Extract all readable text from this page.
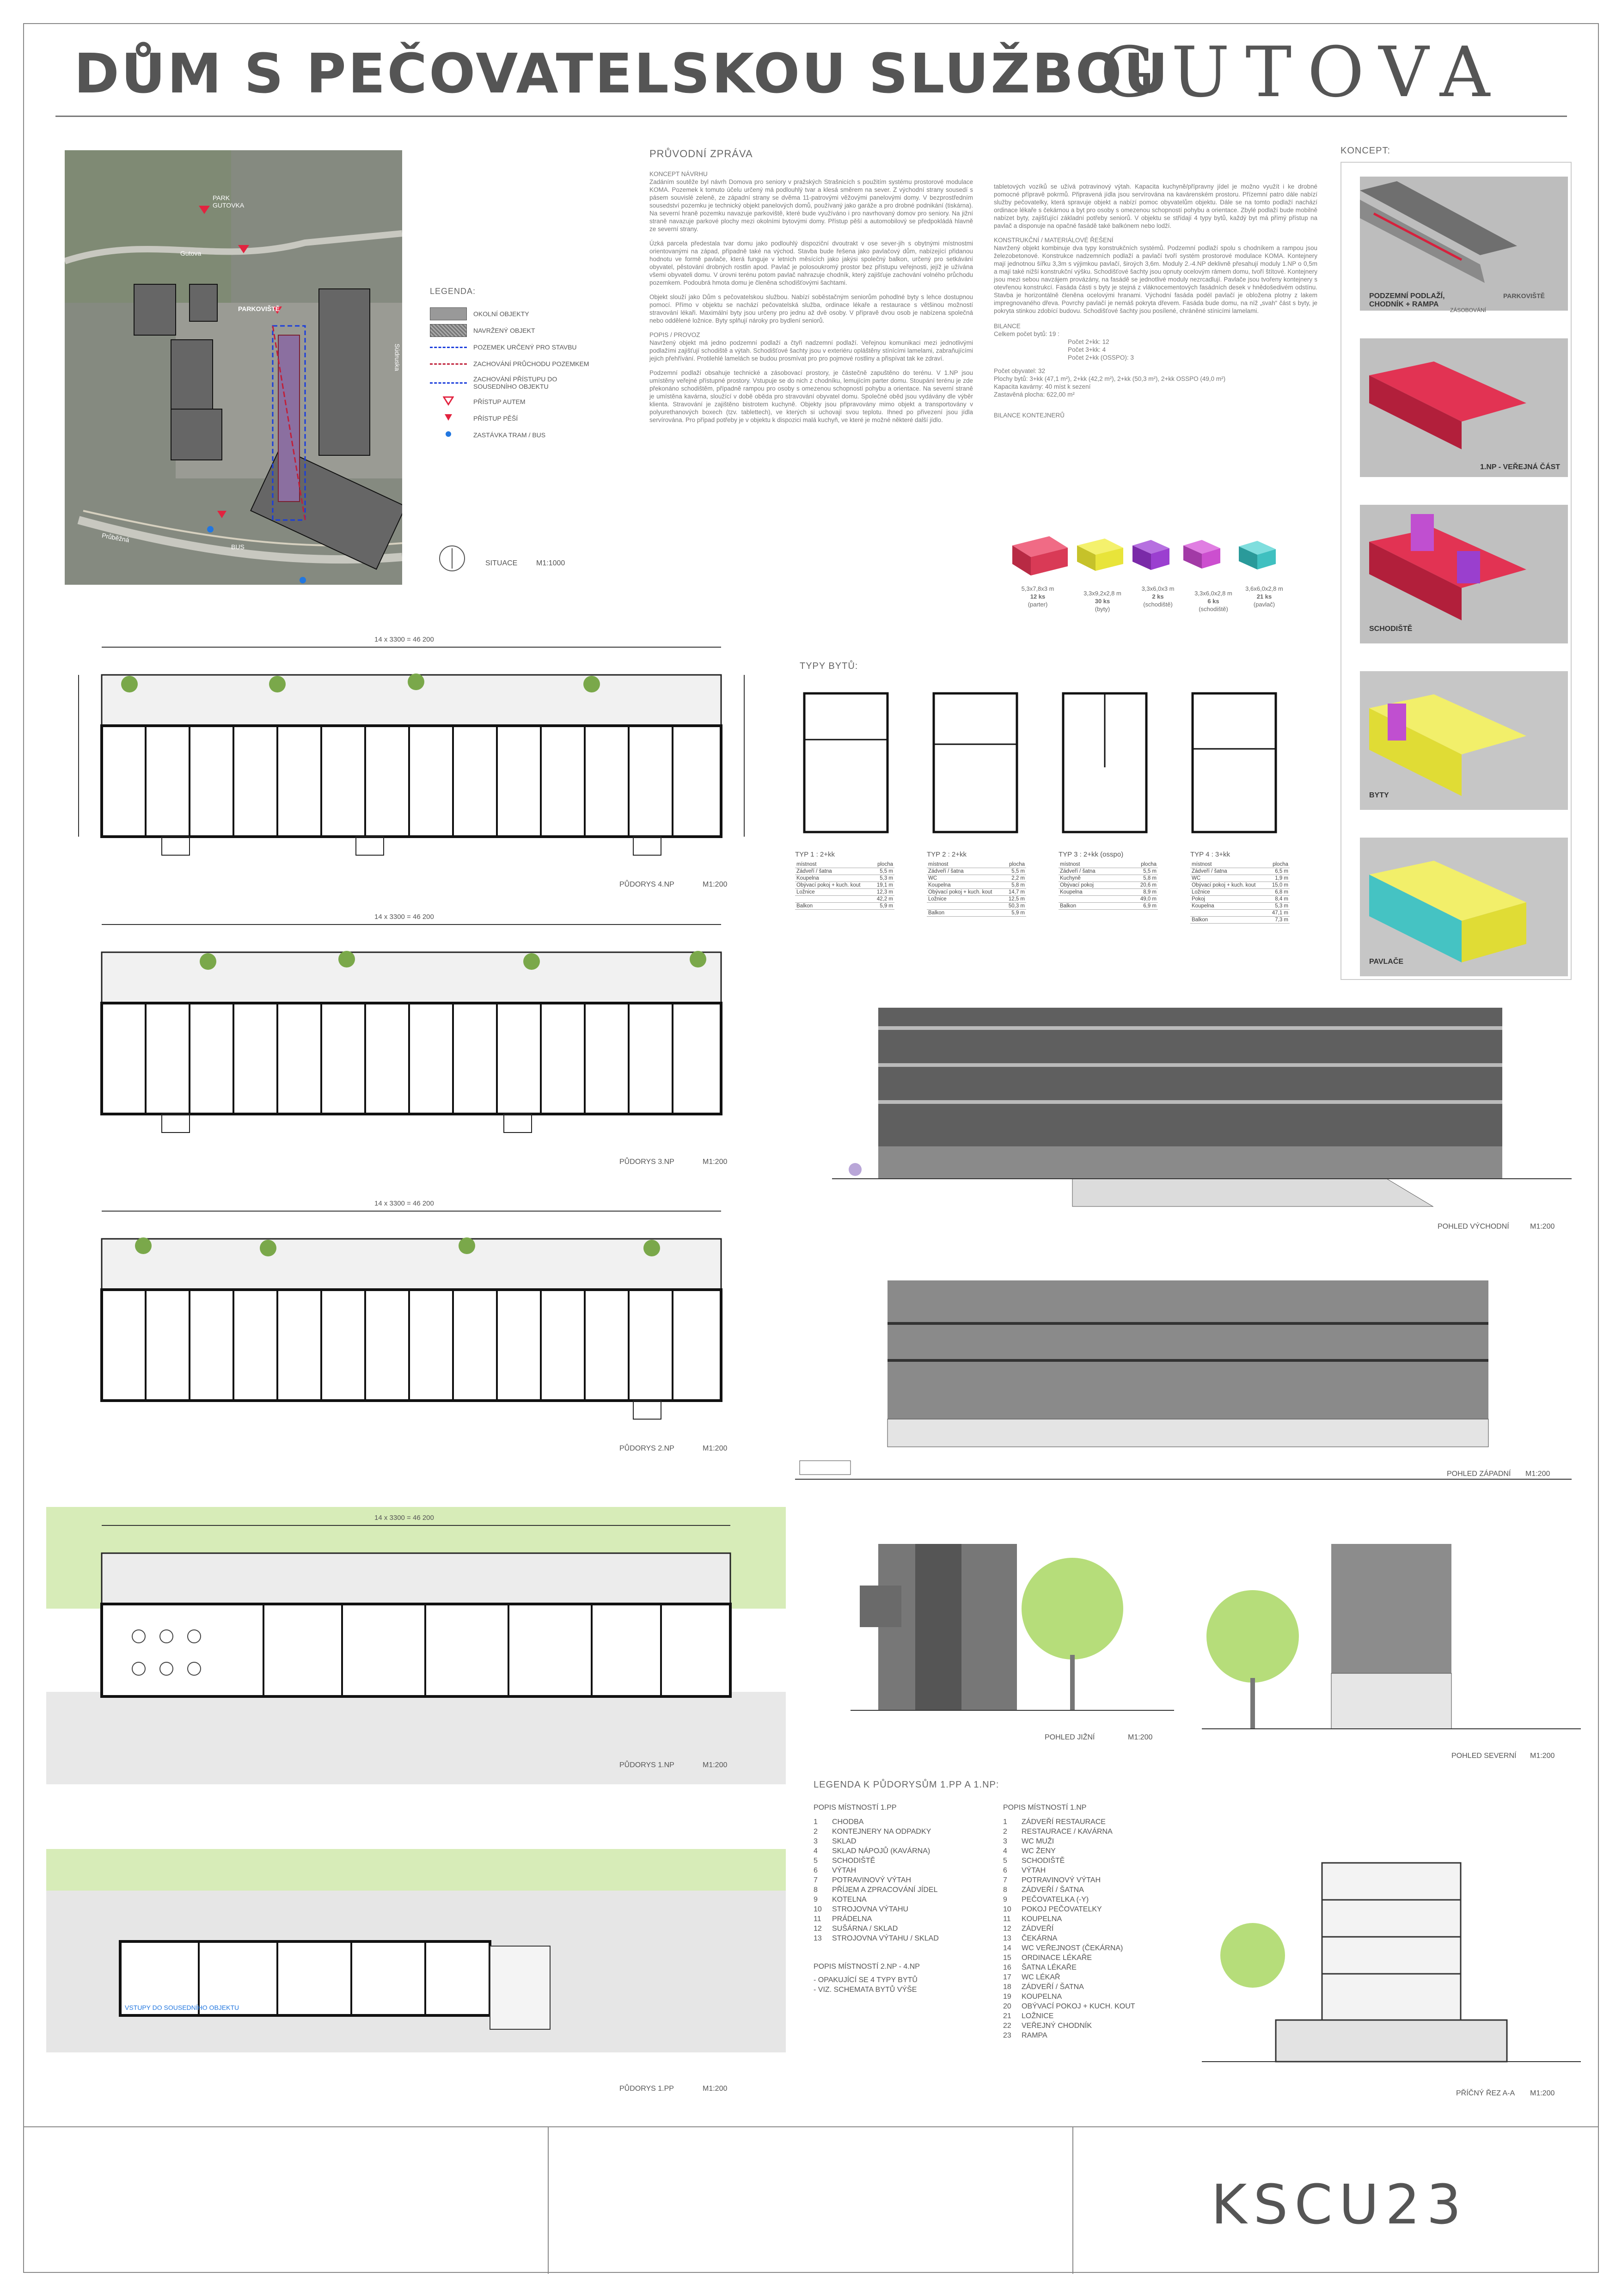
DŮM S PEČOVATELSKOU SLUŽBOU
GUTOVA
PARK GUTOVKA
Gutova
PARKOVIŠTĚ
Súdruska
Průběžná
BUS
LEGENDA:
OKOLNÍ OBJEKTY
NAVRŽENÝ OBJEKT
POZEMEK URČENÝ PRO STAVBU
ZACHOVÁNÍ PRŮCHODU POZEMKEM
ZACHOVÁNÍ PŘÍSTUPU DO SOUSEDNÍHO OBJEKTU
PŘÍSTUP AUTEM
PŘÍSTUP PĚŠÍ
ZASTÁVKA TRAM / BUS
SITUACE	M1:1000
PRŮVODNÍ ZPRÁVA
KONCEPT NÁVRHU
Zadáním soutěže byl návrh Domova pro seniory v pražských Strašnicích s použitím systému prostorové modulace KOMA. Pozemek k tomuto účelu určený má podlouhlý tvar a klesá směrem na sever. Z východní strany sousedí s pásem souvislé zeleně, ze západní strany se dvěma 11-patrovými věžovými panelovými domy. V bezprostředním sousedství pozemku je technický objekt panelových domů, používaný jako garáže a pro drobné podnikání (tiskárna). Na severní hraně pozemku navazuje parkoviště, které bude využíváno i pro navrhovaný domov pro seniory. Na jižní straně navazuje parkové plochy mezi okolními bytovými domy. Přístup pěší a automobilový se předpokládá hlavně ze severní strany.
Úzká parcela předestala tvar domu jako podlouhlý dispoziční dvoutrakt v ose sever-jih s obytnými místnostmi orientovanými na západ, případně také na východ. Stavba bude řešena jako pavlačový dům, nabízející přidanou hodnotu ve formě pavlače, která funguje v letních měsících jako jakýsi společný balkon, určený pro setkávání obyvatel, pěstování drobných rostlin apod. Pavlač je polosoukromý prostor bez přístupu veřejnosti, jejíž je užívána všemi obyvateli domu. V úrovni terénu potom pavlač nahrazuje chodník, který zajišťuje zachování volného průchodu pozemkem. Podoubrá hmota domu je členěna schodišťovými šachtami.
Objekt slouží jako Dům s pečovatelskou službou. Nabízí soběstačným seniorům pohodlné byty s lehce dostupnou pomocí. Přímo v objektu se nachází pečovatelská služba, ordinace lékaře a restaurace s většinou možností stravování lékaři. Maximální byty jsou určeny pro jednu až dvě osoby. V přípravě dvou osob je nabízena společná nebo oddělené ložnice. Byty splňují nároky pro bydlení seniorů.
POPIS / PROVOZ
Navržený objekt má jedno podzemní podlaží a čtyři nadzemní podlaží. Veřejnou komunikaci mezi jednotlivými podlažími zajišťují schodiště a výtah. Schodišťové šachty jsou v exteriéru opláštěny stínícími lamelami, zabraňujícími jejich přehřívání. Protilehlé lamelách se budou prosmívat pro pro pojmové rostliny a přispívat tak ke zdraví.
Podzemní podlaží obsahuje technické a zásobovací prostory, je částečně zapuštěno do terénu. V 1.NP jsou umístěny veřejné přístupné prostory. Vstupuje se do nich z chodníku, lemujícím parter domu. Stoupání terénu je zde překonáno schodištěm, případně rampou pro osoby s omezenou schopností pohybu a orientace. Na severní straně je umístěna kavárna, sloužící v době oběda pro stravování obyvatel domu. Společné oběd jsou vydávány dle výběr klienta. Stravování je zajištěno bistrotem kuchyně. Objekty jsou připravovány mimo objekt a transportovány v polyurethanových boxech (tzv. tablettech), ve kterých si uchovají svou teplotu. Ihned po přivezení jsou jídla servírována. Pro případ potřeby je v objektu k dispozici malá kuchyň, ve které je možné některé další jídlo.
tabletových vozíků se užívá potravinový výtah. Kapacita kuchyně/přípravny jídel je možno využít i ke drobné pomocné přípravě pokrmů. Připravená jídla jsou servírována na kavárenském prostoru. Přízemní patro dále nabízí služby pečovatelky, která spravuje objekt a nabízí pomoc obyvatelům objektu. Dále se na tomto podlaží nachází ordinace lékaře s čekárnou a byt pro osoby s omezenou schopností pohybu a orientace. Zbylé podlaží bude mobilně nabízet byty, zajišťující základní potřeby seniorů. V objektu se střídají 4 typy bytů, každý byt má přímý přístup na pavlač a disponuje na opačné fasádě také balkónem nebo lodží.
KONSTRUKČNÍ / MATERIÁLOVÉ ŘEŠENÍ
Navržený objekt kombinuje dva typy konstrukčních systémů. Podzemní podlaží spolu s chodníkem a rampou jsou železobetonové. Konstrukce nadzemních podlaží a pavlačí tvoří systém prostorové modulace KOMA. Kontejnery mají jednotnou šířku 3,3m s výjimkou pavlačí, široých 3,6m. Moduly 2.-4.NP deklivně přesahují moduly 1.NP o 0,5m a mají také nižší konstrukční výšku. Schodišťové šachty jsou opnuty ocelovým rámem domu, tvoří štítové. Kontejnery jsou mezi sebou navzájem provázány, na fasádě se jednotlivé moduly nezrcadlují. Pavlače jsou tvořeny kontejnery s otevřenou konstrukcí. Fasáda části s byty je stejná z vláknocementových fasádních desek v hnědošedivém odstínu. Stavba je horizontálně členěna ocelovými hranami. Východní fasáda podél pavlačí je obložena plotny z lakem impregnovaného dřeva. Povrchy pavlačí je nemáš pokryta dřevem. Fasáda bude domu, na níž „svah“ část s byty, je pokryta stinkou zdobící budovu. Schodišťové šachty jsou posílené, chráněné stínicími lamelami.
BILANCE
Celkem počet bytů: 19 :
Počet 2+kk: 12
Počet 3+kk: 4
Počet 2+kk (OSSPO): 3
Počet obyvatel: 32
Plochy bytů: 3+kk (47,1 m²), 2+kk (42,2 m²), 2+kk (50,3 m²), 2+kk OSSPO (49,0 m²)
Kapacita kavárny: 40 míst k sezení
Zastavěná plocha: 622,00 m²
BILANCE KONTEJNERŮ
5,3x7,8x3 m
12 ks
(parter)
3,3x9,2x2,8 m
30 ks
(byty)
3,3x6,0x3 m
2 ks
(schodiště)
3,3x6,0x2,8 m
6 ks
(schodiště)
3,6x6,0x2,8 m
21 ks
(pavlač)
KONCEPT:
PODZEMNÍ PODLAŽÍ, CHODNÍK + RAMPA
PARKOVIŠTĚ
ZÁSOBOVÁNÍ
1.NP - VEŘEJNÁ ČÁST
SCHODIŠTĚ
BYTY
PAVLAČE
14 x 3300 = 46 200
PŮDORYS 4.NP	M1:200
14 x 3300 = 46 200
PŮDORYS 3.NP	M1:200
14 x 3300 = 46 200
PŮDORYS 2.NP	M1:200
14 x 3300 = 46 200
PŮDORYS 1.NP	M1:200
VSTUPY DO SOUSEDNÍHO OBJEKTU
PŮDORYS 1.PP	M1:200
TYPY BYTŮ:
TYP 1 : 2+kk
místnost	plocha
Zádveří / šatna	5,5 m
Koupelna	5,3 m
Obývací pokoj + kuch. kout	19,1 m
Ložnice	12,3 m
	42,2 m
Balkon	5,9 m
TYP 2 : 2+kk
místnost	plocha
Zádveří / šatna	5,5 m
WC	2,2 m
Koupelna	5,8 m
Obývací pokoj + kuch. kout	14,7 m
Ložnice	12,5 m
	50,3 m
Balkon	5,9 m
TYP 3 : 2+kk (osspo)
místnost	plocha
Zádveří / šatna	5,5 m
Kuchyně	5,8 m
Obývací pokoj	20,6 m
Koupelna	8,9 m
	49,0 m
Balkon	6,9 m
TYP 4 : 3+kk
místnost	plocha
Zádveří / šatna	6,5 m
WC	1,9 m
Obývací pokoj + kuch. kout	15,0 m
Ložnice	6,8 m
Pokoj	8,4 m
Koupelna	5,3 m
	47,1 m
Balkon	7,3 m
POHLED VÝCHODNÍ	M1:200
POHLED ZÁPADNÍ M1:200
POHLED JIŽNÍ	M1:200
POHLED SEVERNÍ M1:200
PŘÍČNÝ ŘEZ A-A M1:200
LEGENDA K PŮDORYSŮM 1.PP A 1.NP:
POPIS MÍSTNOSTÍ 1.PP
1	CHODBA
2	KONTEJNERY NA ODPADKY
3	SKLAD
4	SKLAD NÁPOJŮ (KAVÁRNA)
5	SCHODIŠTĚ
6	VÝTAH
7	POTRAVINOVÝ VÝTAH
8	PŘÍJEM A ZPRACOVÁNÍ JÍDEL
9	KOTELNA
10	STROJOVNA VÝTAHU
11	PRÁDELNA
12	SUŠÁRNA / SKLAD
13	STROJOVNA VÝTAHU / SKLAD
POPIS MÍSTNOSTÍ 2.NP - 4.NP
- OPAKUJÍCÍ SE 4 TYPY BYTŮ
- VIZ. SCHEMATA BYTŮ VÝŠE
POPIS MÍSTNOSTÍ 1.NP
1	ZÁDVEŘÍ RESTAURACE
2	RESTAURACE / KAVÁRNA
3	WC MUŽI
4	WC ŽENY
5	SCHODIŠTĚ
6	VÝTAH
7	POTRAVINOVÝ VÝTAH
8	ZÁDVEŘÍ / ŠATNA
9	PEČOVATELKA (-Y)
10	POKOJ PEČOVATELKY
11	KOUPELNA
12	ZÁDVEŘÍ
13	ČEKÁRNA
14	WC VEŘEJNOST (ČEKÁRNA)
15	ORDINACE LÉKAŘE
16	ŠATNA LÉKAŘE
17	WC LÉKAŘ
18	ZÁDVEŘÍ / ŠATNA
19	KOUPELNA
20	OBÝVACÍ POKOJ + KUCH. KOUT
21	LOŽNICE
22	VEŘEJNÝ CHODNÍK
23	RAMPA
KSCU23
